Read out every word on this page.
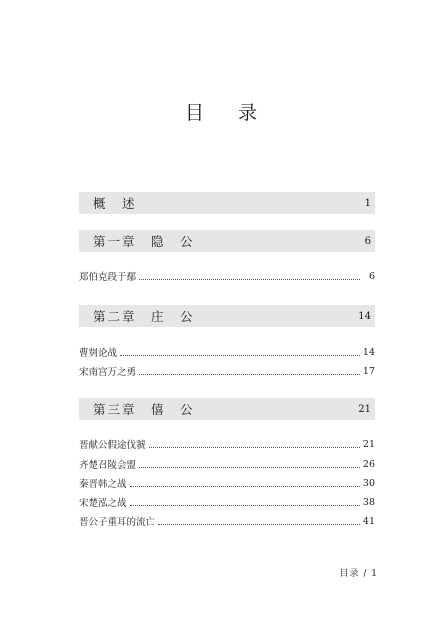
目 录
概　述	1
第一章　隐　公	6
郑伯克段于鄢	6
第二章　庄　公	14
曹刿论战	14
宋南宫万之勇	17
第三章　僖　公	21
晋献公假途伐虢	21
齐楚召陵会盟	26
秦晋韩之战	30
宋楚泓之战	38
晋公子重耳的流亡	41
目录 / 1
